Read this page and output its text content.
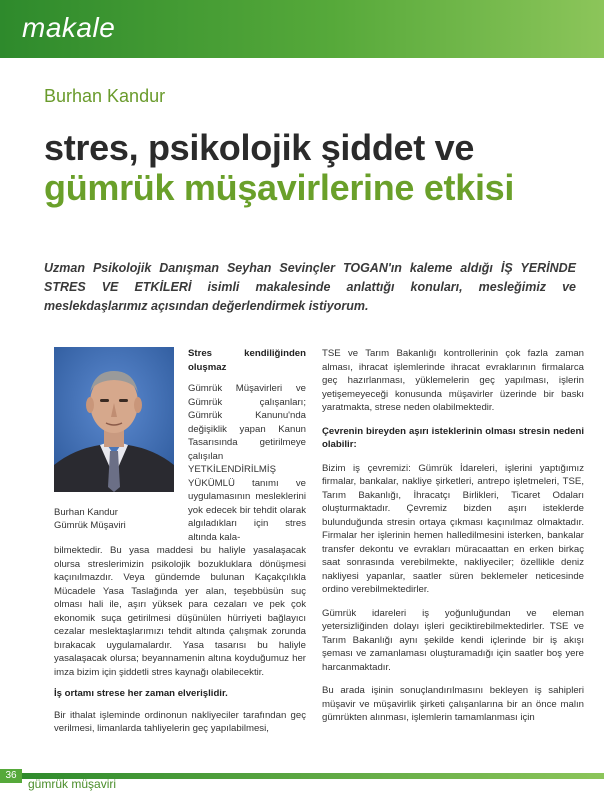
makale
Burhan Kandur
stres, psikolojik şiddet ve
gümrük müşavirlerine etkisi

Uzman Psikolojik Danışman Seyhan Sevinçler TOGAN'ın kaleme aldığı İŞ YERİNDE STRES VE ETKİLERİ isimli makalesinde anlattığı konuları, mesleğimiz ve meslekdaşlarımız açısından değerlendirmek istiyorum.

Burhan Kandur
Gümrük Müşaviri

Stres kendiliğinden oluşmaz

Gümrük Müşavirleri ve Gümrük çalışanları; Gümrük Kanunu'nda değişiklik yapan Kanun Tasarısında getirilmeye çalışılan YETKİLENDİRİLMİŞ YÜKÜMLÜ tanımı ve uygulamasının mesleklerini yok edecek bir tehdit olarak algıladıkları için stres altında kala-

bilmektedir. Bu yasa maddesi bu haliyle yasalaşacak olursa streslerimizin psikolojik bozukluklara dönüşmesi kaçınılmazdır. Veya gündemde bulunan Kaçakçılıkla Mücadele Yasa Taslağında yer alan, teşebbüsün suç olması hali ile, aşırı yüksek para cezaları ve pek çok ekonomik suça getirilmesi düşünülen hürriyeti bağlayıcı cezalar meslektaşlarımızı tehdit altında çalışmak zorunda bırakacak uygulamalardır. Yasa tasarısı bu haliyle yasalaşacak olursa; beyannamenin altına koyduğumuz her imza bizim için şiddetli stres kaynağı olabilecektir.

İş ortamı strese her zaman elverişlidir.

Bir ithalat işleminde ordinonun nakliyeciler tarafından geç verilmesi, limanlarda tahliyelerin geç yapılabilmesi,

TSE ve Tarım Bakanlığı kontrollerinin çok fazla zaman alması, ihracat işlemlerinde ihracat evraklarının firmalarca geç hazırlanması, yüklemelerin geç yapılması, işlerin yetişemeyeceği konusunda müşavirler üzerinde bir baskı yaratmakta, strese neden olabilmektedir.

Çevrenin bireyden aşırı isteklerinin olması stresin nedeni olabilir:

Bizim iş çevremizi: Gümrük İdareleri, işlerini yaptığımız firmalar, bankalar, nakliye şirketleri, antrepo işletmeleri, TSE, Tarım Bakanlığı, İhracatçı Birlikleri, Ticaret Odaları oluşturmaktadır. Çevremiz bizden aşırı isteklerde bulunduğunda stresin ortaya çıkması kaçınılmaz olmaktadır. Firmalar her işlerinin hemen halledilmesini isterken, bankalar transfer dekontu ve evrakları müracaattan en erken birkaç saat sonrasında verebilmekte, nakliyeciler; özellikle deniz nakliyesi yapanlar, saatler süren beklemeler neticesinde ordino verebilmektedirler.

Gümrük idareleri iş yoğunluğundan ve eleman yetersizliğinden dolayı işleri geciktirebilmektedirler. TSE ve Tarım Bakanlığı aynı şekilde kendi içlerinde bir iş akışı şeması ve zamanlaması oluşturamadığı için saatler boş yere harcanmaktadır.

Bu arada işinin sonuçlandırılmasını bekleyen iş sahipleri müşavir ve müşavirlik şirketi çalışanlarına bir an önce malın gümrükten alınması, işlemlerin tamamlanması için

36
gümrük müşaviri
